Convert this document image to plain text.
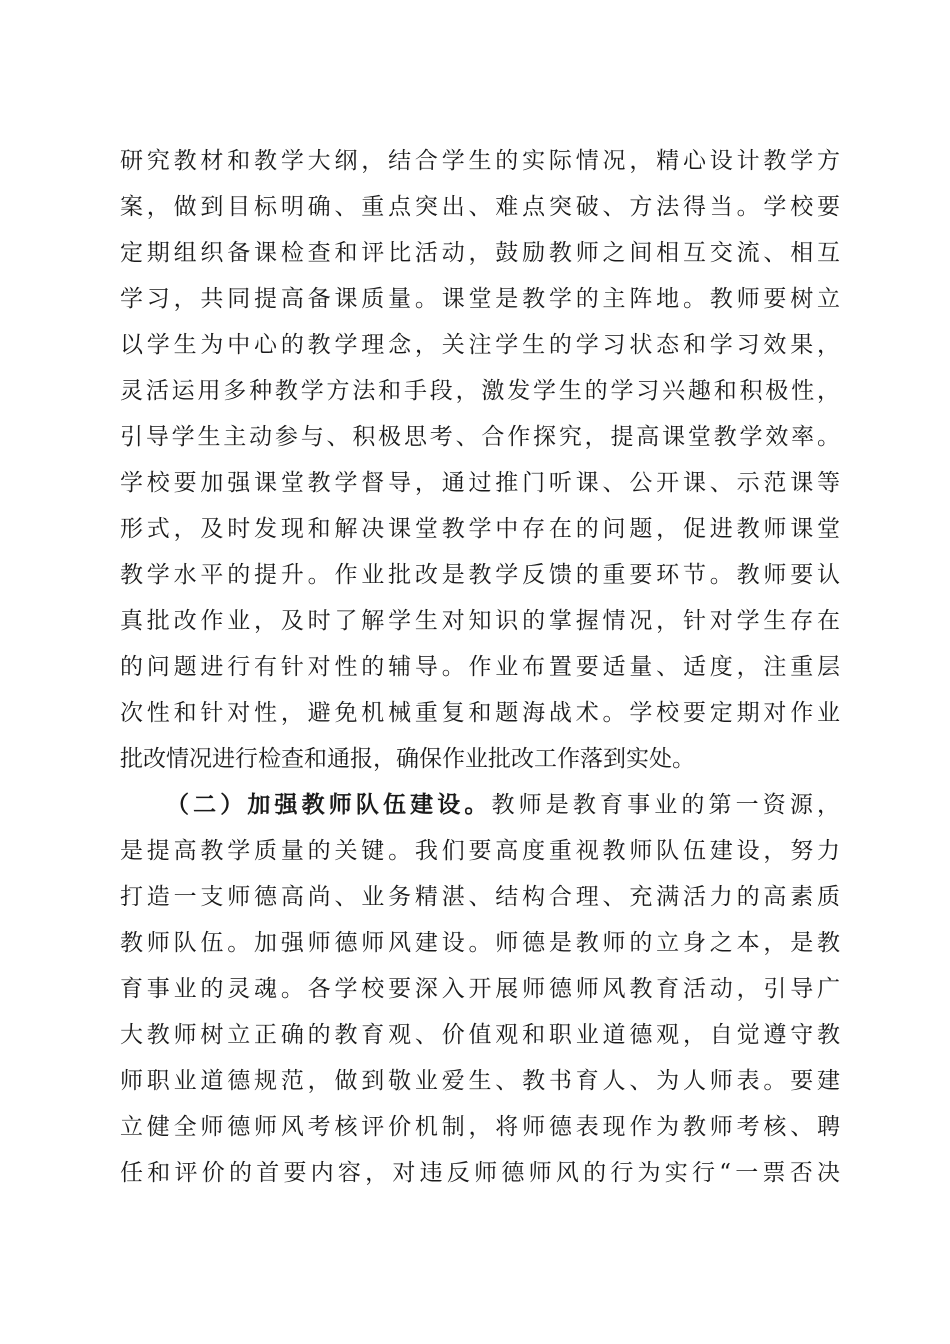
研究教材和教学大纲，结合学生的实际情况，精心设计教学方
案，做到目标明确、重点突出、难点突破、方法得当。学校要
定期组织备课检查和评比活动，鼓励教师之间相互交流、相互
学习，共同提高备课质量。课堂是教学的主阵地。教师要树立
以学生为中心的教学理念，关注学生的学习状态和学习效果，
灵活运用多种教学方法和手段，激发学生的学习兴趣和积极性，
引导学生主动参与、积极思考、合作探究，提高课堂教学效率。
学校要加强课堂教学督导，通过推门听课、公开课、示范课等
形式，及时发现和解决课堂教学中存在的问题，促进教师课堂
教学水平的提升。作业批改是教学反馈的重要环节。教师要认
真批改作业，及时了解学生对知识的掌握情况，针对学生存在
的问题进行有针对性的辅导。作业布置要适量、适度，注重层
次性和针对性，避免机械重复和题海战术。学校要定期对作业
批改情况进行检查和通报，确保作业批改工作落到实处。
（二）加强教师队伍建设。教师是教育事业的第一资源，
是提高教学质量的关键。我们要高度重视教师队伍建设，努力
打造一支师德高尚、业务精湛、结构合理、充满活力的高素质
教师队伍。加强师德师风建设。师德是教师的立身之本，是教
育事业的灵魂。各学校要深入开展师德师风教育活动，引导广
大教师树立正确的教育观、价值观和职业道德观，自觉遵守教
师职业道德规范，做到敬业爱生、教书育人、为人师表。要建
立健全师德师风考核评价机制，将师德表现作为教师考核、聘
任和评价的首要内容，对违反师德师风的行为实行“一票否决
